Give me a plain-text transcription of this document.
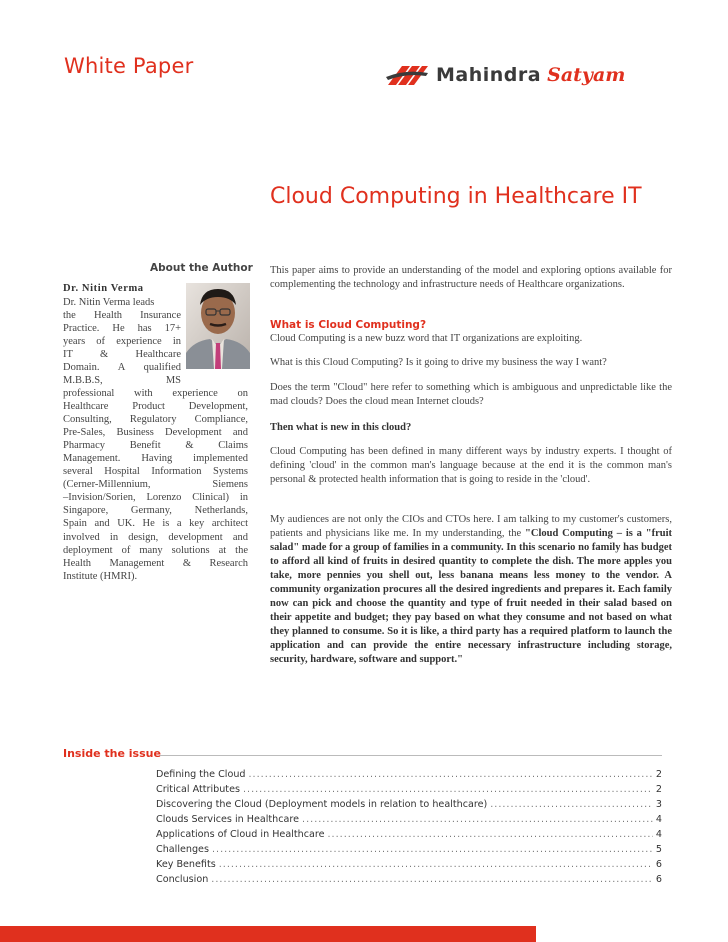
White Paper	Mahindra Satyam
Cloud Computing in Healthcare IT
About the Author
Dr. Nitin Verma
Dr. Nitin Verma leads
the Health Insurance
Practice. He has 17+
years of experience in
IT & Healthcare
Domain. A qualified
M.B.B.S, MS
professional with experience on
Healthcare Product Development,
Consulting, Regulatory Compliance,
Pre-Sales, Business Development and
Pharmacy Benefit & Claims
Management. Having implemented
several Hospital Information Systems
(Cerner-Millennium, Siemens
–Invision/Sorien, Lorenzo Clinical) in
Singapore, Germany, Netherlands,
Spain and UK. He is a key architect
involved in design, development and
deployment of many solutions at the
Health Management & Research
Institute (HMRI).
This paper aims to provide an understanding of the model and exploring options available for complementing the technology and infrastructure needs of Healthcare organizations.
What is Cloud Computing?
Cloud Computing is a new buzz word that IT organizations are exploiting.
What is this Cloud Computing? Is it going to drive my business the way I want?
Does the term "Cloud" here refer to something which is ambiguous and unpredictable like the mad clouds? Does the cloud mean Internet clouds?
Then what is new in this cloud?
Cloud Computing has been defined in many different ways by industry experts. I thought of defining 'cloud' in the common man's language because at the end it is the common man's personal & protected health information that is going to reside in the 'cloud'.
My audiences are not only the CIOs and CTOs here. I am talking to my customer's customers, patients and physicians like me. In my understanding, the "Cloud Computing – is a "fruit salad" made for a group of families in a community. In this scenario no family has budget to afford all kind of fruits in desired quantity to complete the dish. The more apples you take, more pennies you shell out, less banana means less money to the vendor. A community organization procures all the desired ingredients and prepares it. Each family now can pick and choose the quantity and type of fruit needed in their salad based on their appetite and budget; they pay based on what they consume and not based on what they planned to consume. So it is like, a third party has a required platform to launch the application and can provide the entire necessary infrastructure including storage, security, hardware, software and support."
Inside the issue
Defining the Cloud .....	2
Critical Attributes .....	2
Discovering the Cloud (Deployment models in relation to healthcare) .....	3
Clouds Services in Healthcare .....	4
Applications of Cloud in Healthcare .....	4
Challenges .....	5
Key Benefits .....	6
Conclusion .....	6
